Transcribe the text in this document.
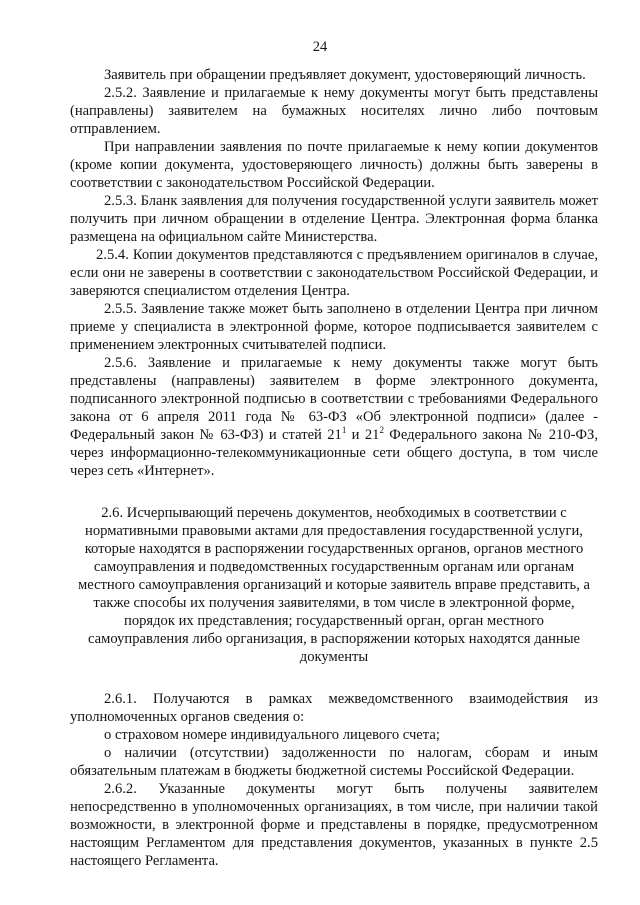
24

Заявитель при обращении предъявляет документ, удостоверяющий личность.

2.5.2. Заявление и прилагаемые к нему документы могут быть представлены (направлены) заявителем на бумажных носителях лично либо почтовым отправлением.

При направлении заявления по почте прилагаемые к нему копии документов (кроме копии документа, удостоверяющего личность) должны быть заверены в соответствии с законодательством Российской Федерации.

2.5.3. Бланк заявления для получения государственной услуги заявитель может получить при личном обращении в отделение Центра. Электронная форма бланка размещена на официальном сайте Министерства.

2.5.4. Копии документов представляются с предъявлением оригиналов в случае, если они не заверены в соответствии с законодательством Российской Федерации, и заверяются специалистом отделения Центра.

2.5.5. Заявление также может быть заполнено в отделении Центра при личном приеме у специалиста в электронной форме, которое подписывается заявителем с применением электронных считывателей подписи.

2.5.6. Заявление и прилагаемые к нему документы также могут быть представлены (направлены) заявителем в форме электронного документа, подписанного электронной подписью в соответствии с требованиями Федерального закона от 6 апреля 2011 года № 63-ФЗ «Об электронной подписи» (далее - Федеральный закон № 63-ФЗ) и статей $21^1$ и $21^2$ Федерального закона № 210-ФЗ, через информационно-телекоммуникационные сети общего доступа, в том числе через сеть «Интернет».

2.6. Исчерпывающий перечень документов, необходимых в соответствии с нормативными правовыми актами для предоставления государственной услуги, которые находятся в распоряжении государственных органов, органов местного самоуправления и подведомственных государственным органам или органам местного самоуправления организаций и которые заявитель вправе представить, а также способы их получения заявителями, в том числе в электронной форме, порядок их представления; государственный орган, орган местного самоуправления либо организация, в распоряжении которых находятся данные документы

2.6.1. Получаются в рамках межведомственного взаимодействия из уполномоченных органов сведения о:

о страховом номере индивидуального лицевого счета;

о наличии (отсутствии) задолженности по налогам, сборам и иным обязательным платежам в бюджеты бюджетной системы Российской Федерации.

2.6.2. Указанные документы могут быть получены заявителем непосредственно в уполномоченных организациях, в том числе, при наличии такой возможности, в электронной форме и представлены в порядке, предусмотренном настоящим Регламентом для представления документов, указанных в пункте 2.5 настоящего Регламента.
